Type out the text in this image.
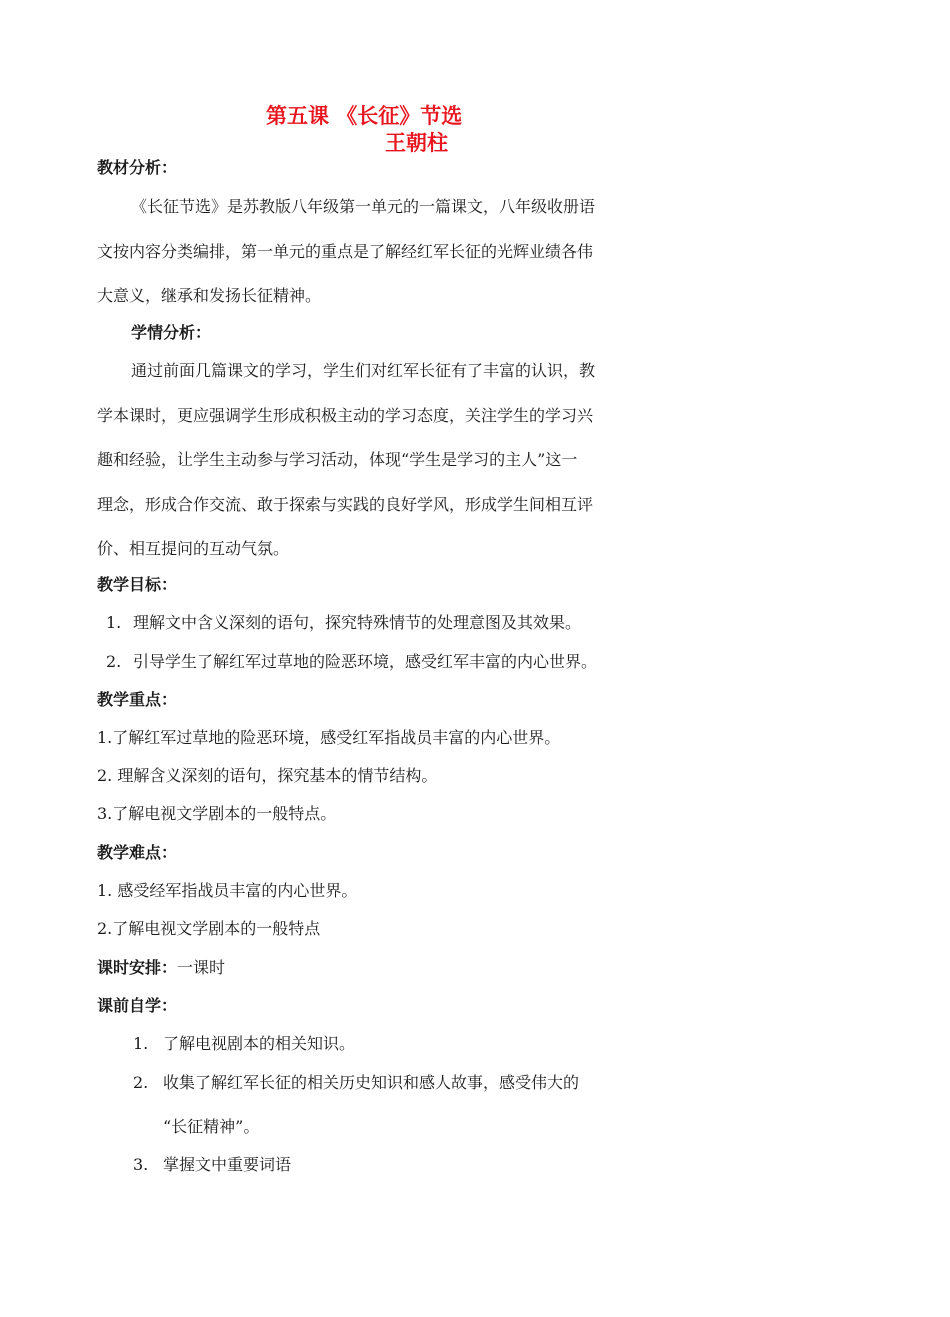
第五课 《长征》节选
王朝柱
教材分析：
《长征节选》是苏教版八年级第一单元的一篇课文，八年级收册语
文按内容分类编排，第一单元的重点是了解经红军长征的光辉业绩各伟
大意义，继承和发扬长征精神。
学情分析：
通过前面几篇课文的学习，学生们对红军长征有了丰富的认识，教
学本课时，更应强调学生形成积极主动的学习态度，关注学生的学习兴
趣和经验，让学生主动参与学习活动，体现“学生是学习的主人”这一
理念，形成合作交流、敢于探索与实践的良好学风，形成学生间相互评
价、相互提问的互动气氛。
教学目标：
1. 理解文中含义深刻的语句，探究特殊情节的处理意图及其效果。
2. 引导学生了解红军过草地的险恶环境，感受红军丰富的内心世界。
教学重点：
1.了解红军过草地的险恶环境，感受红军指战员丰富的内心世界。
2. 理解含义深刻的语句，探究基本的情节结构。
3.了解电视文学剧本的一般特点。
教学难点：
1. 感受经军指战员丰富的内心世界。
2.了解电视文学剧本的一般特点
课时安排：一课时
课前自学：
1. 了解电视剧本的相关知识。
2. 收集了解红军长征的相关历史知识和感人故事，感受伟大的
“长征精神”。
3. 掌握文中重要词语
